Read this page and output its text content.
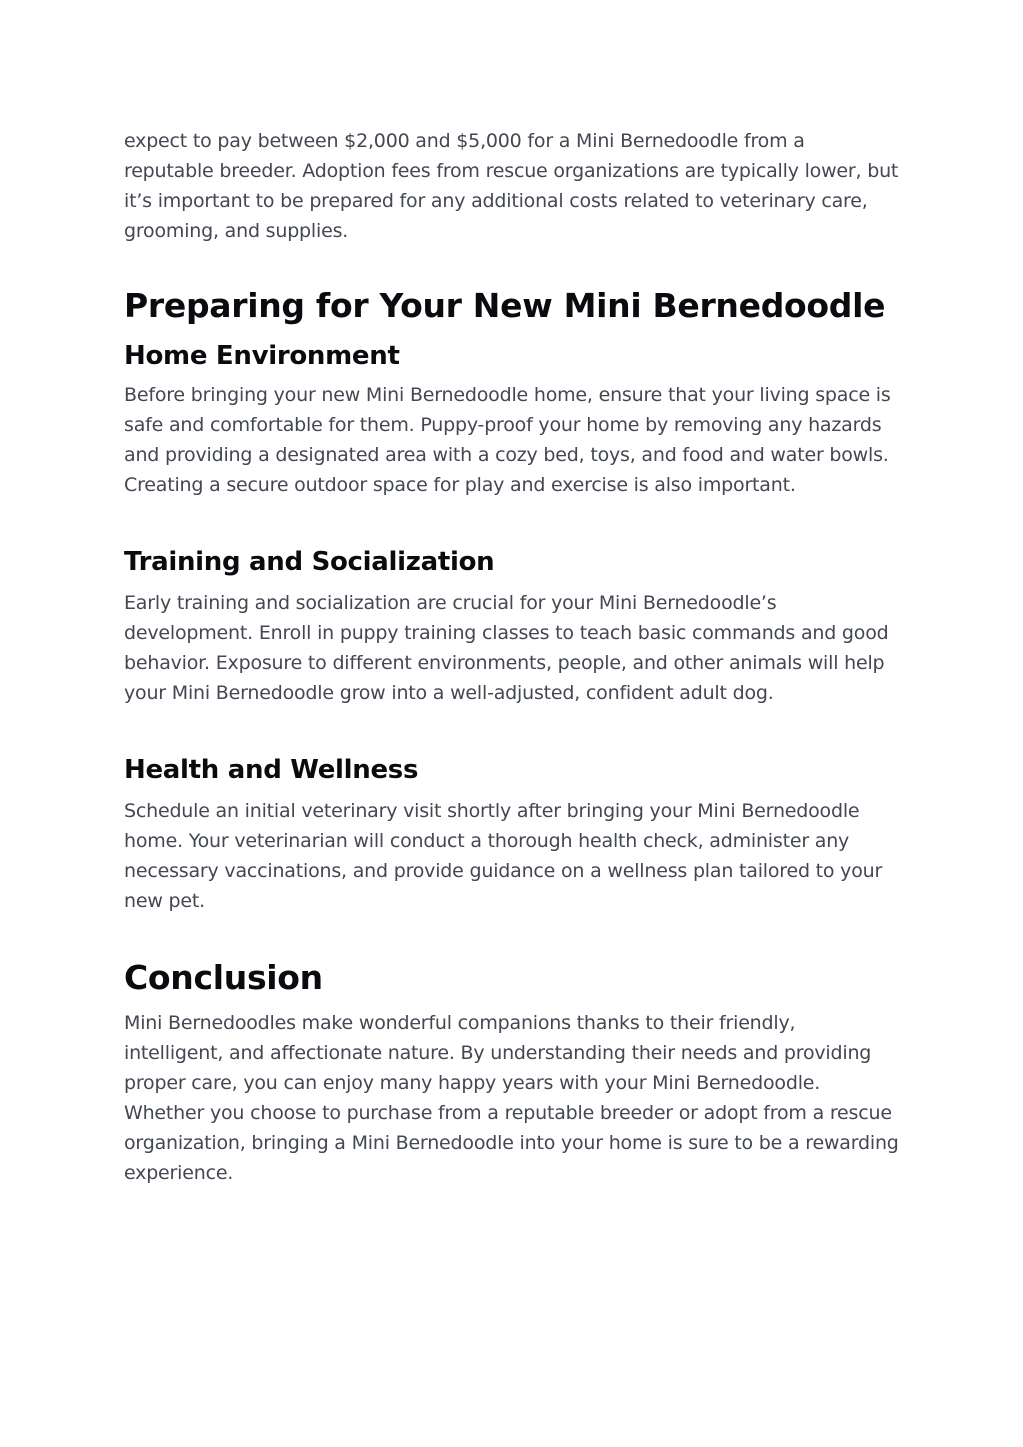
expect to pay between $2,000 and $5,000 for a Mini Bernedoodle from a reputable breeder. Adoption fees from rescue organizations are typically lower, but it’s important to be prepared for any additional costs related to veterinary care, grooming, and supplies.

Preparing for Your New Mini Bernedoodle
Home Environment

Before bringing your new Mini Bernedoodle home, ensure that your living space is safe and comfortable for them. Puppy-proof your home by removing any hazards and providing a designated area with a cozy bed, toys, and food and water bowls. Creating a secure outdoor space for play and exercise is also important.

Training and Socialization

Early training and socialization are crucial for your Mini Bernedoodle’s development. Enroll in puppy training classes to teach basic commands and good behavior. Exposure to different environments, people, and other animals will help your Mini Bernedoodle grow into a well-adjusted, confident adult dog.

Health and Wellness

Schedule an initial veterinary visit shortly after bringing your Mini Bernedoodle home. Your veterinarian will conduct a thorough health check, administer any necessary vaccinations, and provide guidance on a wellness plan tailored to your new pet.

Conclusion

Mini Bernedoodles make wonderful companions thanks to their friendly, intelligent, and affectionate nature. By understanding their needs and providing proper care, you can enjoy many happy years with your Mini Bernedoodle. Whether you choose to purchase from a reputable breeder or adopt from a rescue organization, bringing a Mini Bernedoodle into your home is sure to be a rewarding experience.
